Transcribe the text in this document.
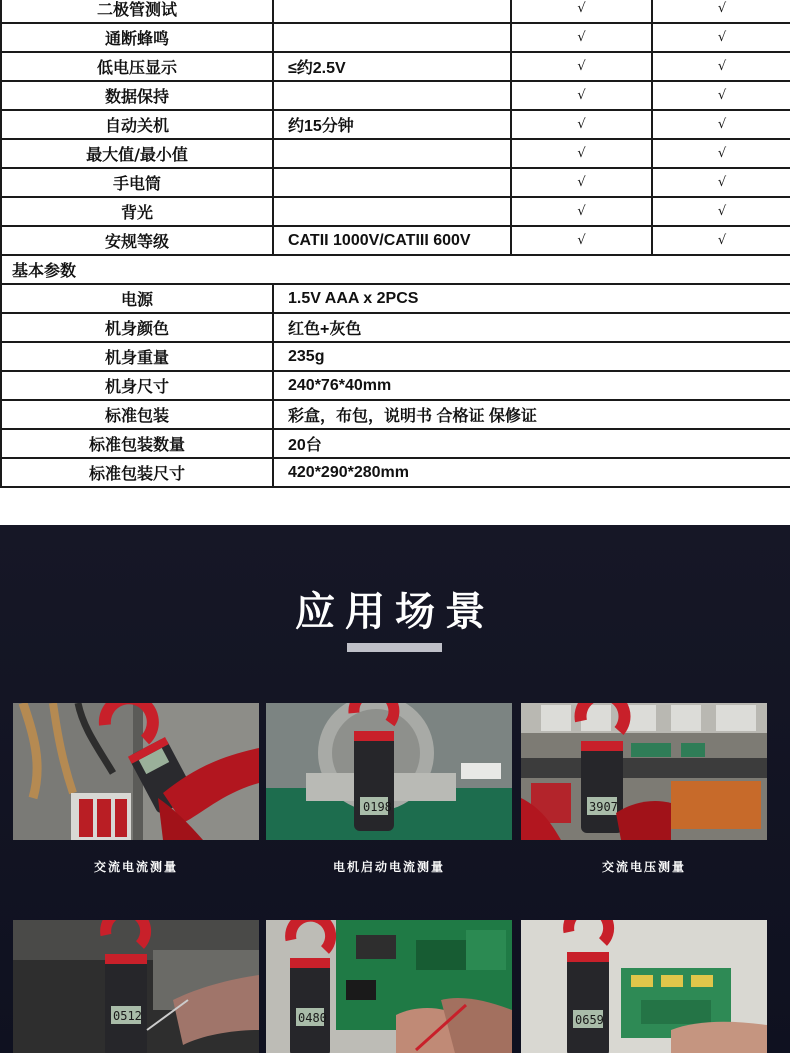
二极管测试		√	√
通断蜂鸣		√	√
低电压显示	≤约2.5V	√	√
数据保持		√	√
自动关机	约15分钟	√	√
最大值/最小值		√	√
手电筒		√	√
背光		√	√
安规等级	CATII 1000V/CATIII 600V	√	√
基本参数			
电源	1.5V AAA x 2PCS		
机身颜色	红色+灰色		
机身重量	235g		
机身尺寸	240*76*40mm		
标准包装	彩盒，布包，说明书 合格证 保修证		
标准包装数量	20台		
标准包装尺寸	420*290*280mm		
应用场景
交流电流测量
0198
电机启动电流测量
3907
交流电压测量
0512	0480	0659
